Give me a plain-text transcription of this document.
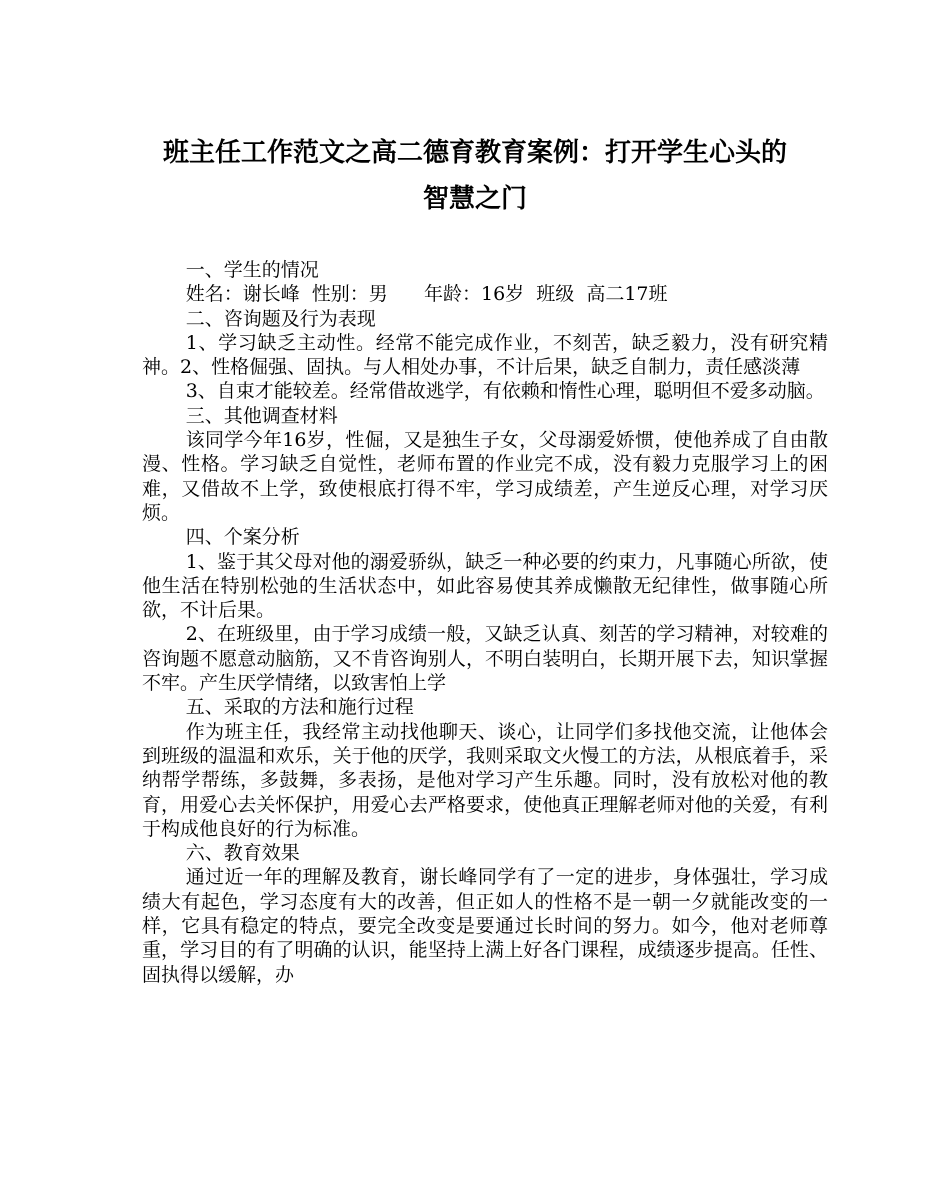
班主任工作范文之高二德育教育案例：打开学生心头的
智慧之门

一、学生的情况

姓名：谢长峰  性别：男      年龄：16岁  班级  高二17班

二、咨询题及行为表现

1、学习缺乏主动性。经常不能完成作业，不刻苦，缺乏毅力，没有研究精神。2、性格倔强、固执。与人相处办事，不计后果，缺乏自制力，责任感淡薄

3、自束才能较差。经常借故逃学，有依赖和惰性心理，聪明但不爱多动脑。

三、其他调查材料

该同学今年16岁，性倔，又是独生子女，父母溺爱娇惯，使他养成了自由散漫、性格。学习缺乏自觉性，老师布置的作业完不成，没有毅力克服学习上的困难，又借故不上学，致使根底打得不牢，学习成绩差，产生逆反心理，对学习厌烦。

四、个案分析

1、鉴于其父母对他的溺爱骄纵，缺乏一种必要的约束力，凡事随心所欲，使他生活在特别松弛的生活状态中，如此容易使其养成懒散无纪律性，做事随心所欲，不计后果。

2、在班级里，由于学习成绩一般，又缺乏认真、刻苦的学习精神，对较难的咨询题不愿意动脑筋，又不肯咨询别人，不明白装明白，长期开展下去，知识掌握不牢。产生厌学情绪，以致害怕上学

五、采取的方法和施行过程

作为班主任，我经常主动找他聊天、谈心，让同学们多找他交流，让他体会到班级的温温和欢乐，关于他的厌学，我则采取文火慢工的方法，从根底着手，采纳帮学帮练，多鼓舞，多表扬，是他对学习产生乐趣。同时，没有放松对他的教育，用爱心去关怀保护，用爱心去严格要求，使他真正理解老师对他的关爱，有利于构成他良好的行为标准。

六、教育效果

通过近一年的理解及教育，谢长峰同学有了一定的进步，身体强壮，学习成绩大有起色，学习态度有大的改善，但正如人的性格不是一朝一夕就能改变的一样，它具有稳定的特点，要完全改变是要通过长时间的努力。如今，他对老师尊重，学习目的有了明确的认识，能坚持上满上好各门课程，成绩逐步提高。任性、固执得以缓解，办
